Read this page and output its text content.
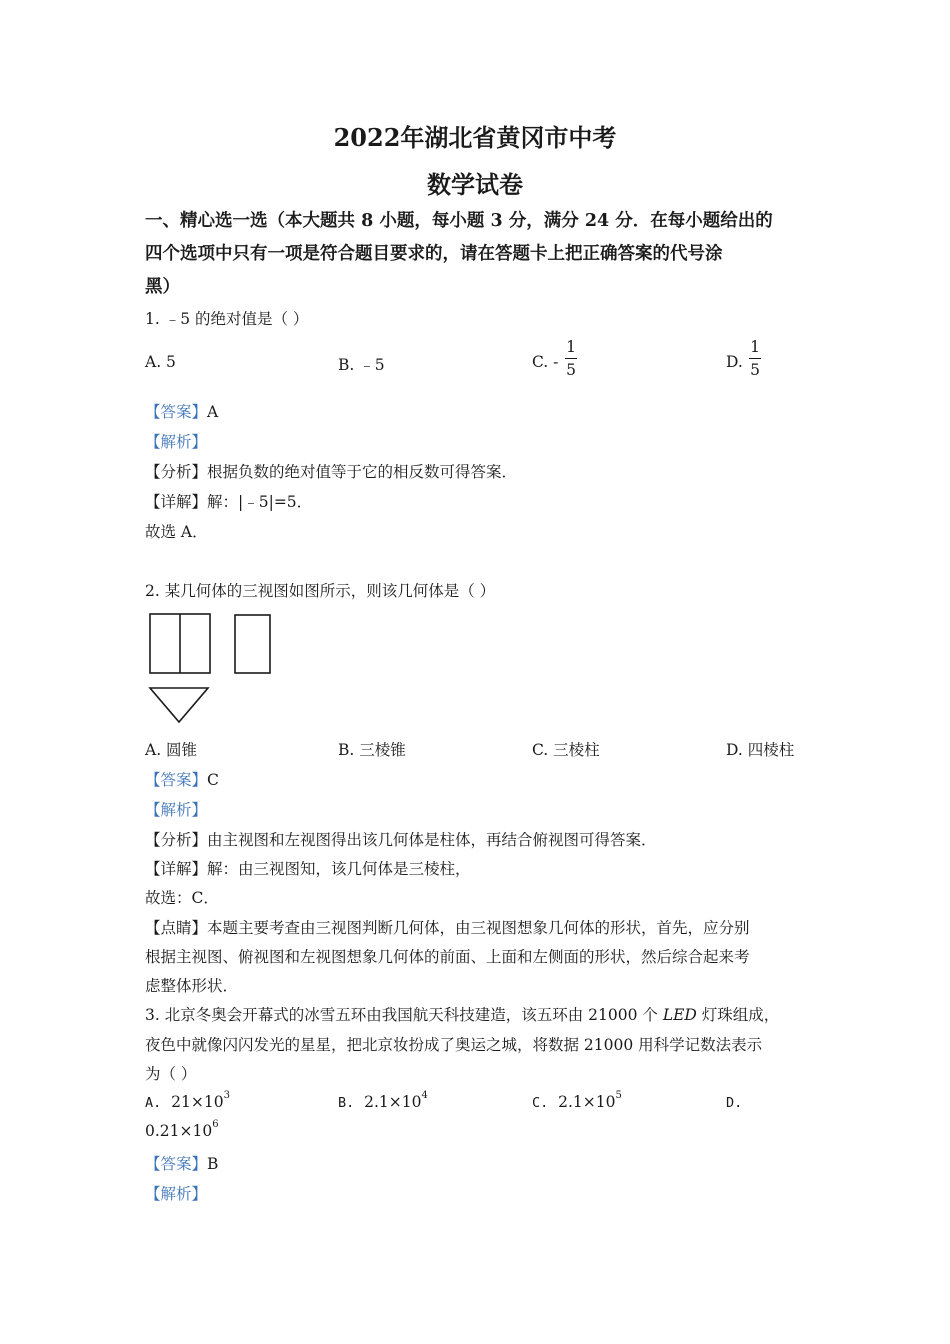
2022年湖北省黄冈市中考
数学试卷
一、精心选一选（本大题共 8 小题，每小题 3 分，满分 24 分．在每小题给出的
四个选项中只有一项是符合题目要求的，请在答题卡上把正确答案的代号涂
黑）
1. ﹣5 的绝对值是（ ）
A. 5	B. ﹣5	C. -
1
5	D.
1
5
【答案】A
【解析】
【分析】根据负数的绝对值等于它的相反数可得答案．
【详解】解：|﹣5|=5．
故选 A．
2. 某几何体的三视图如图所示，则该几何体是（ ）
A. 圆锥	B. 三棱锥	C. 三棱柱	D. 四棱柱
【答案】C
【解析】
【分析】由主视图和左视图得出该几何体是柱体，再结合俯视图可得答案．
【详解】解：由三视图知，该几何体是三棱柱，
故选：C．
【点睛】本题主要考查由三视图判断几何体，由三视图想象几何体的形状，首先，应分别
根据主视图、俯视图和左视图想象几何体的前面、上面和左侧面的形状，然后综合起来考
虑整体形状．
3. 北京冬奥会开幕式的冰雪五环由我国航天科技建造，该五环由 21000 个 LED 灯珠组成，
夜色中就像闪闪发光的星星，把北京妆扮成了奥运之城，将数据 21000 用科学记数法表示
为（ ）
A. $21\times 10^3$	B. $2.1\times 10^4$	C. $2.1\times 10^5$	D.
$0.21\times 10^6$
【答案】B
【解析】
